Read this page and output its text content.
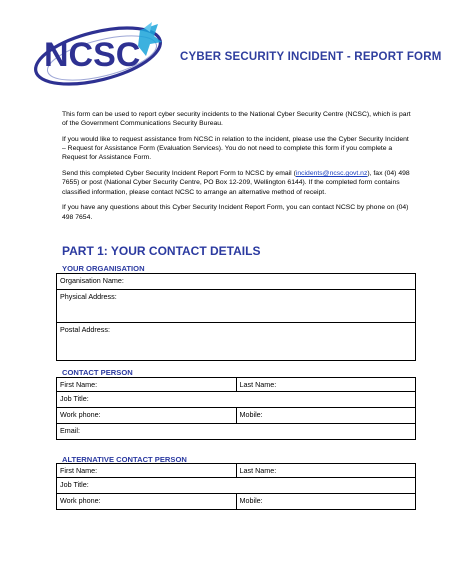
NCSC	CYBER SECURITY INCIDENT - REPORT FORM

This form can be used to report cyber security incidents to the National Cyber Security Centre (NCSC), which is part of the Government Communications Security Bureau.

If you would like to request assistance from NCSC in relation to the incident, please use the Cyber Security Incident – Request for Assistance Form (Evaluation Services). You do not need to complete this form if you complete a Request for Assistance Form.

Send this completed Cyber Security Incident Report Form to NCSC by email (incidents@ncsc.govt.nz), fax (04) 498 7655) or post (National Cyber Security Centre, PO Box 12-209, Wellington 6144). If the completed form contains classified information, please contact NCSC to arrange an alternative method of receipt.

If you have any questions about this Cyber Security Incident Report Form, you can contact NCSC by phone on (04) 498 7654.

PART 1: YOUR CONTACT DETAILS
YOUR ORGANISATION
Organisation Name:
Physical Address:
Postal Address:
CONTACT PERSON
First Name:	Last Name:
Job Title:	
Work phone:	Mobile:
Email:	
ALTERNATIVE CONTACT PERSON
First Name:	Last Name:
Job Title:	
Work phone:	Mobile:
